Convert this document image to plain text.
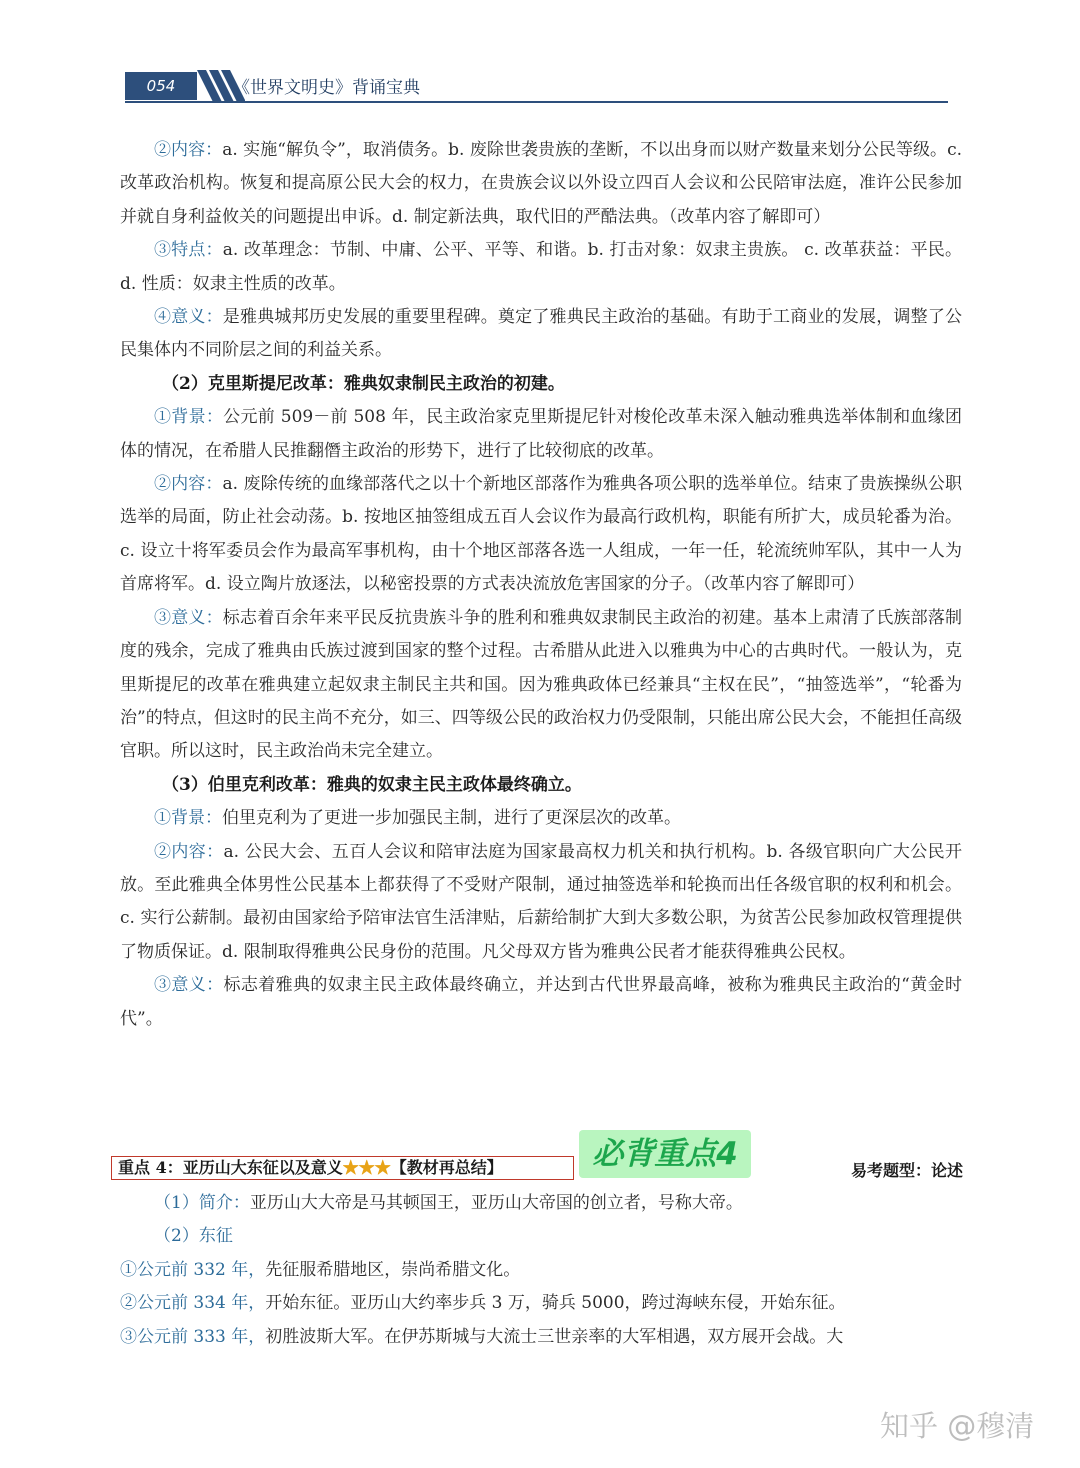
054	《世界文明史》背诵宝典

②内容：a. 实施“解负令”，取消债务。b. 废除世袭贵族的垄断，不以出身而以财产数量来划分公民等级。c. 改革政治机构。恢复和提高原公民大会的权力，在贵族会议以外设立四百人会议和公民陪审法庭，准许公民参加并就自身利益攸关的问题提出申诉。d. 制定新法典，取代旧的严酷法典。（改革内容了解即可）

③特点：a. 改革理念：节制、中庸、公平、平等、和谐。b. 打击对象：奴隶主贵族。 c. 改革获益：平民。d. 性质：奴隶主性质的改革。

④意义：是雅典城邦历史发展的重要里程碑。奠定了雅典民主政治的基础。有助于工商业的发展，调整了公民集体内不同阶层之间的利益关系。

（2）克里斯提尼改革：雅典奴隶制民主政治的初建。

①背景：公元前 509－前 508 年，民主政治家克里斯提尼针对梭伦改革未深入触动雅典选举体制和血缘团体的情况，在希腊人民推翻僭主政治的形势下，进行了比较彻底的改革。

②内容：a. 废除传统的血缘部落代之以十个新地区部落作为雅典各项公职的选举单位。结束了贵族操纵公职选举的局面，防止社会动荡。b. 按地区抽签组成五百人会议作为最高行政机构，职能有所扩大，成员轮番为治。c. 设立十将军委员会作为最高军事机构，由十个地区部落各选一人组成，一年一任，轮流统帅军队，其中一人为首席将军。d. 设立陶片放逐法，以秘密投票的方式表决流放危害国家的分子。（改革内容了解即可）

③意义：标志着百余年来平民反抗贵族斗争的胜利和雅典奴隶制民主政治的初建。基本上肃清了氏族部落制度的残余，完成了雅典由氏族过渡到国家的整个过程。古希腊从此进入以雅典为中心的古典时代。一般认为，克里斯提尼的改革在雅典建立起奴隶主制民主共和国。因为雅典政体已经兼具“主权在民”，“抽签选举”，“轮番为治”的特点，但这时的民主尚不充分，如三、四等级公民的政治权力仍受限制，只能出席公民大会，不能担任高级官职。所以这时，民主政治尚未完全建立。

（3）伯里克利改革：雅典的奴隶主民主政体最终确立。

①背景：伯里克利为了更进一步加强民主制，进行了更深层次的改革。

②内容：a. 公民大会、五百人会议和陪审法庭为国家最高权力机关和执行机构。b. 各级官职向广大公民开放。至此雅典全体男性公民基本上都获得了不受财产限制，通过抽签选举和轮换而出任各级官职的权利和机会。c. 实行公薪制。最初由国家给予陪审法官生活津贴，后薪给制扩大到大多数公职，为贫苦公民参加政权管理提供了物质保证。d. 限制取得雅典公民身份的范围。凡父母双方皆为雅典公民者才能获得雅典公民权。

③意义：标志着雅典的奴隶主民主政体最终确立，并达到古代世界最高峰，被称为雅典民主政治的“黄金时代”。

重点 4：亚历山大东征以及意义★★★【教材再总结】	必背重点4	易考题型：论述

（1）简介：亚历山大大帝是马其顿国王，亚历山大帝国的创立者，号称大帝。

（2）东征

①公元前 332 年，先征服希腊地区，崇尚希腊文化。

②公元前 334 年，开始东征。亚历山大约率步兵 3 万，骑兵 5000，跨过海峡东侵，开始东征。

③公元前 333 年，初胜波斯大军。在伊苏斯城与大流士三世亲率的大军相遇，双方展开会战。大

知乎 @穆清
